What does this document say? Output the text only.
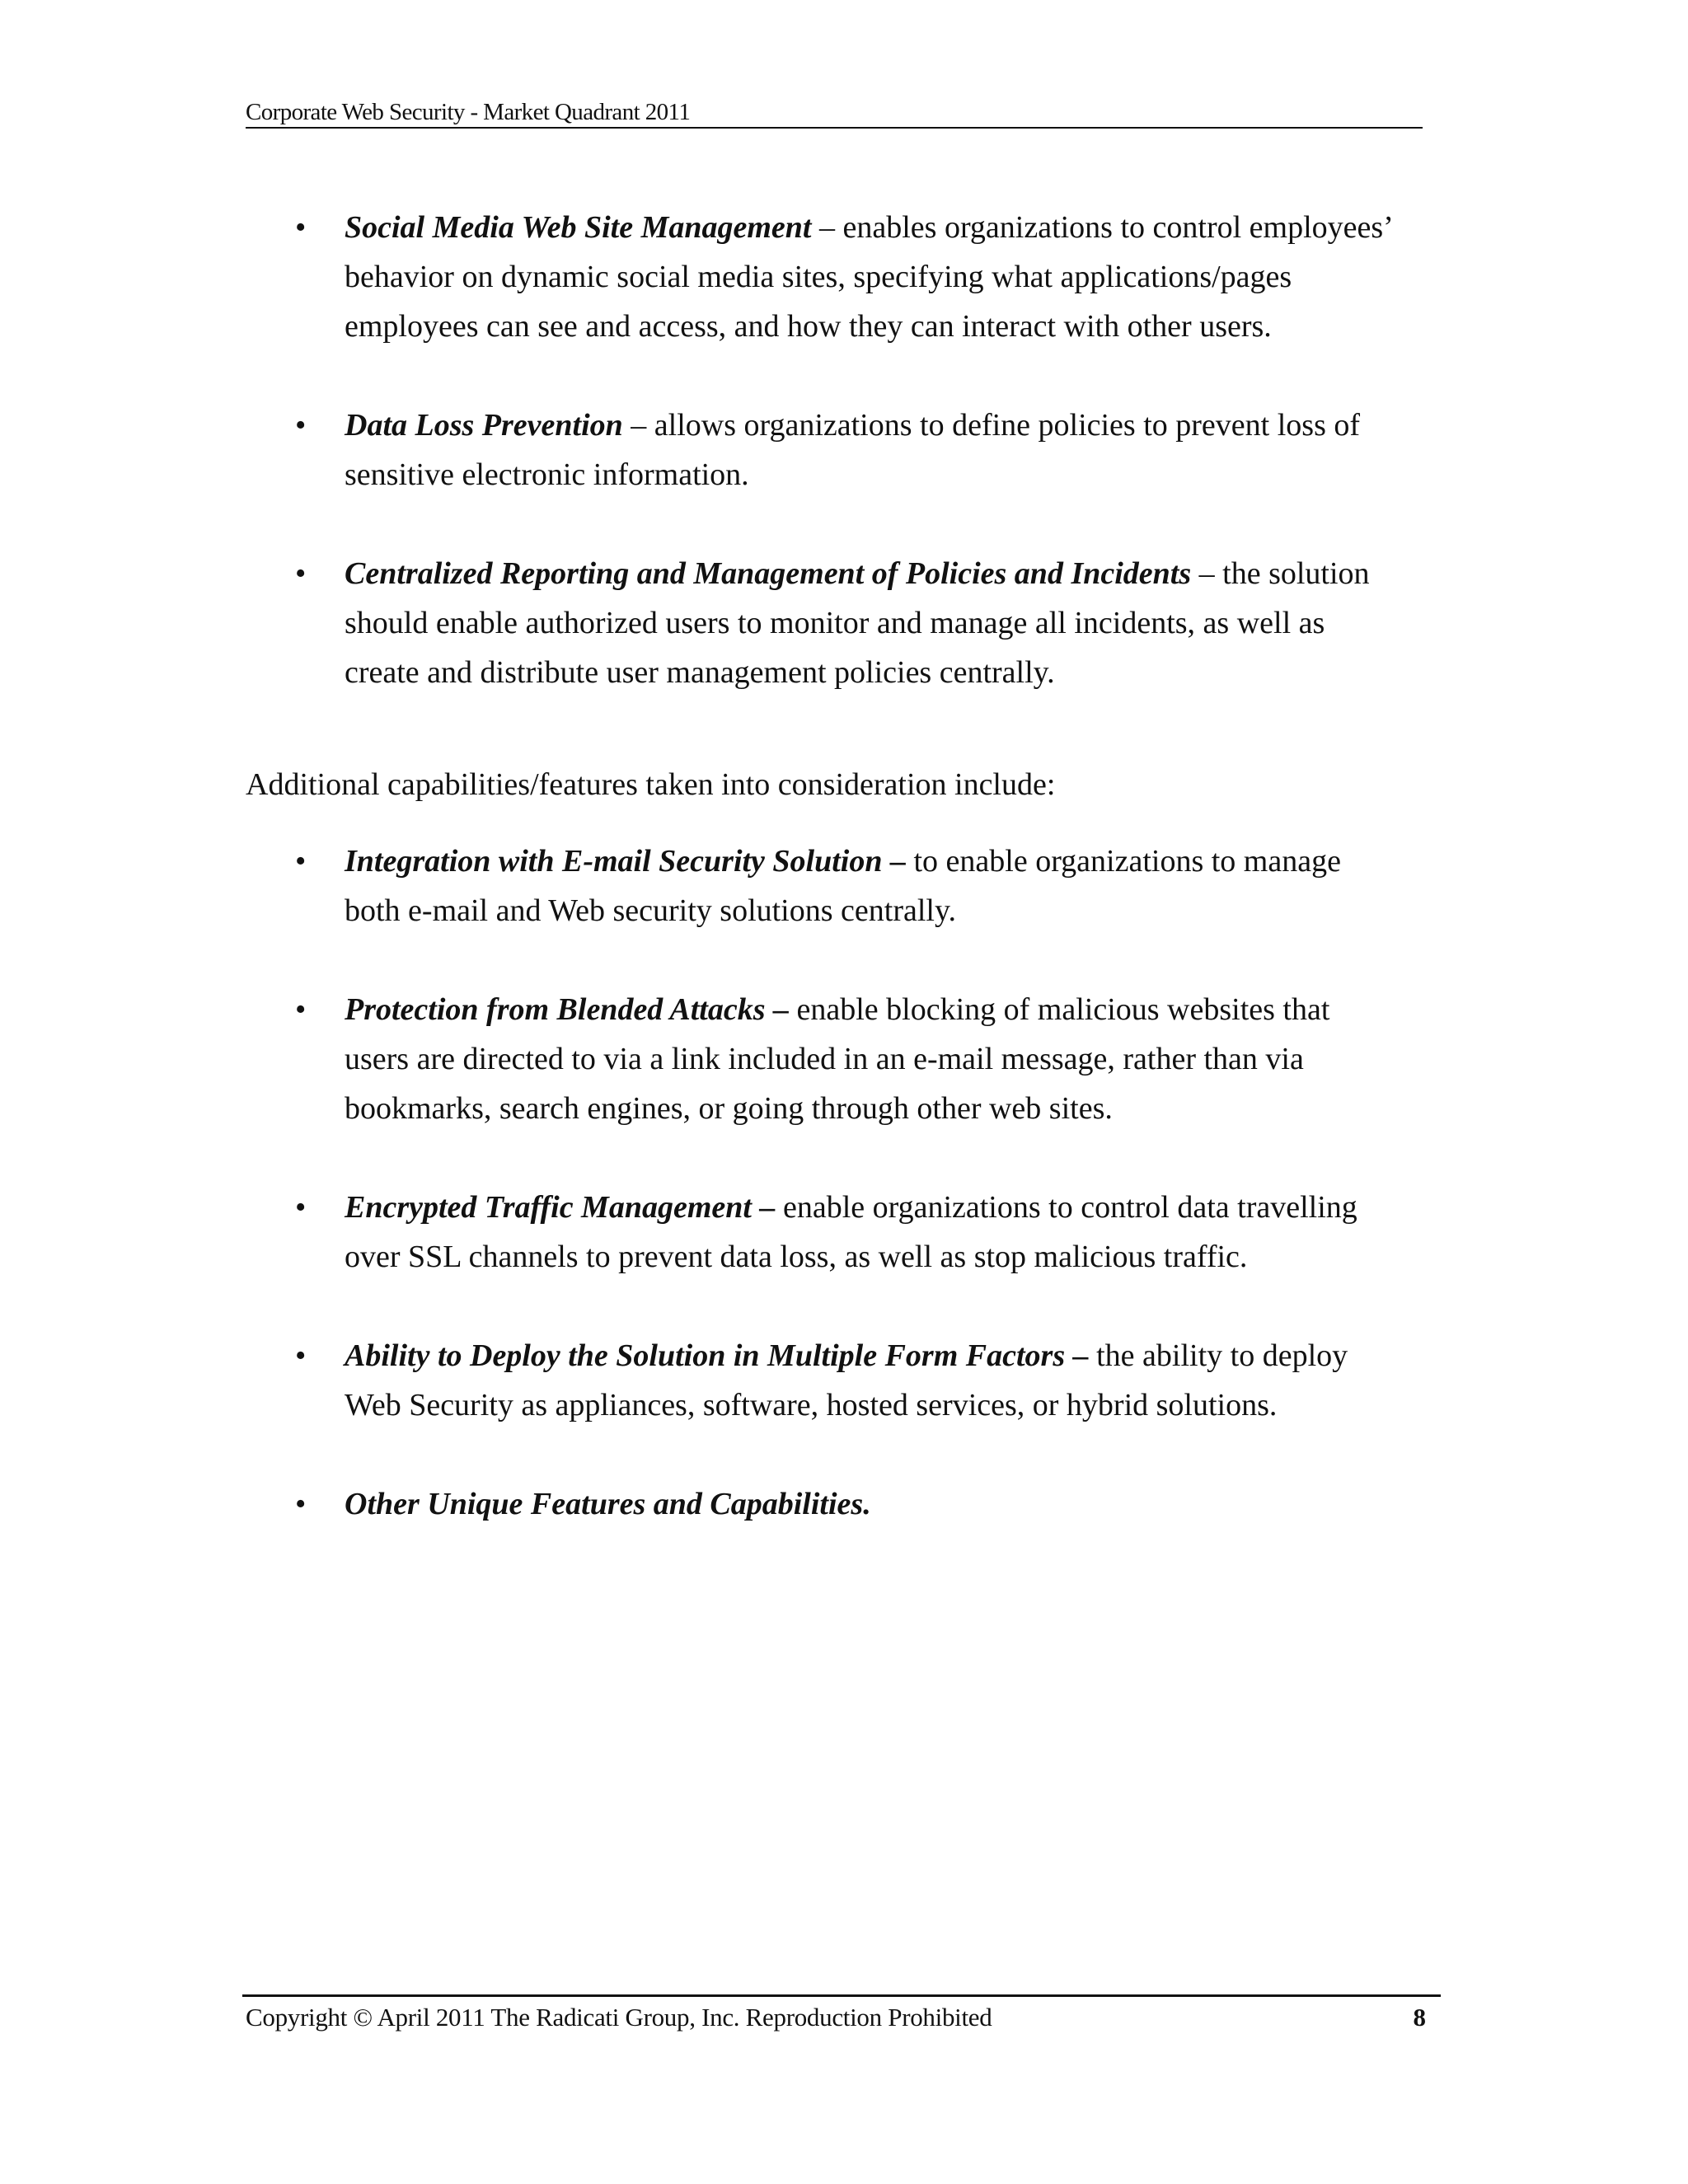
Corporate Web Security - Market Quadrant 2011
• Social Media Web Site Management – enables organizations to control employees’
behavior on dynamic social media sites, specifying what applications/pages
employees can see and access, and how they can interact with other users.
• Data Loss Prevention – allows organizations to define policies to prevent loss of
sensitive electronic information.
• Centralized Reporting and Management of Policies and Incidents – the solution
should enable authorized users to monitor and manage all incidents, as well as
create and distribute user management policies centrally.

Additional capabilities/features taken into consideration include:

• Integration with E-mail Security Solution – to enable organizations to manage
both e-mail and Web security solutions centrally.
• Protection from Blended Attacks – enable blocking of malicious websites that
users are directed to via a link included in an e-mail message, rather than via
bookmarks, search engines, or going through other web sites.
• Encrypted Traffic Management – enable organizations to control data travelling
over SSL channels to prevent data loss, as well as stop malicious traffic.
• Ability to Deploy the Solution in Multiple Form Factors – the ability to deploy
Web Security as appliances, software, hosted services, or hybrid solutions.
• Other Unique Features and Capabilities.
Copyright © April 2011 The Radicati Group, Inc. Reproduction Prohibited	8
